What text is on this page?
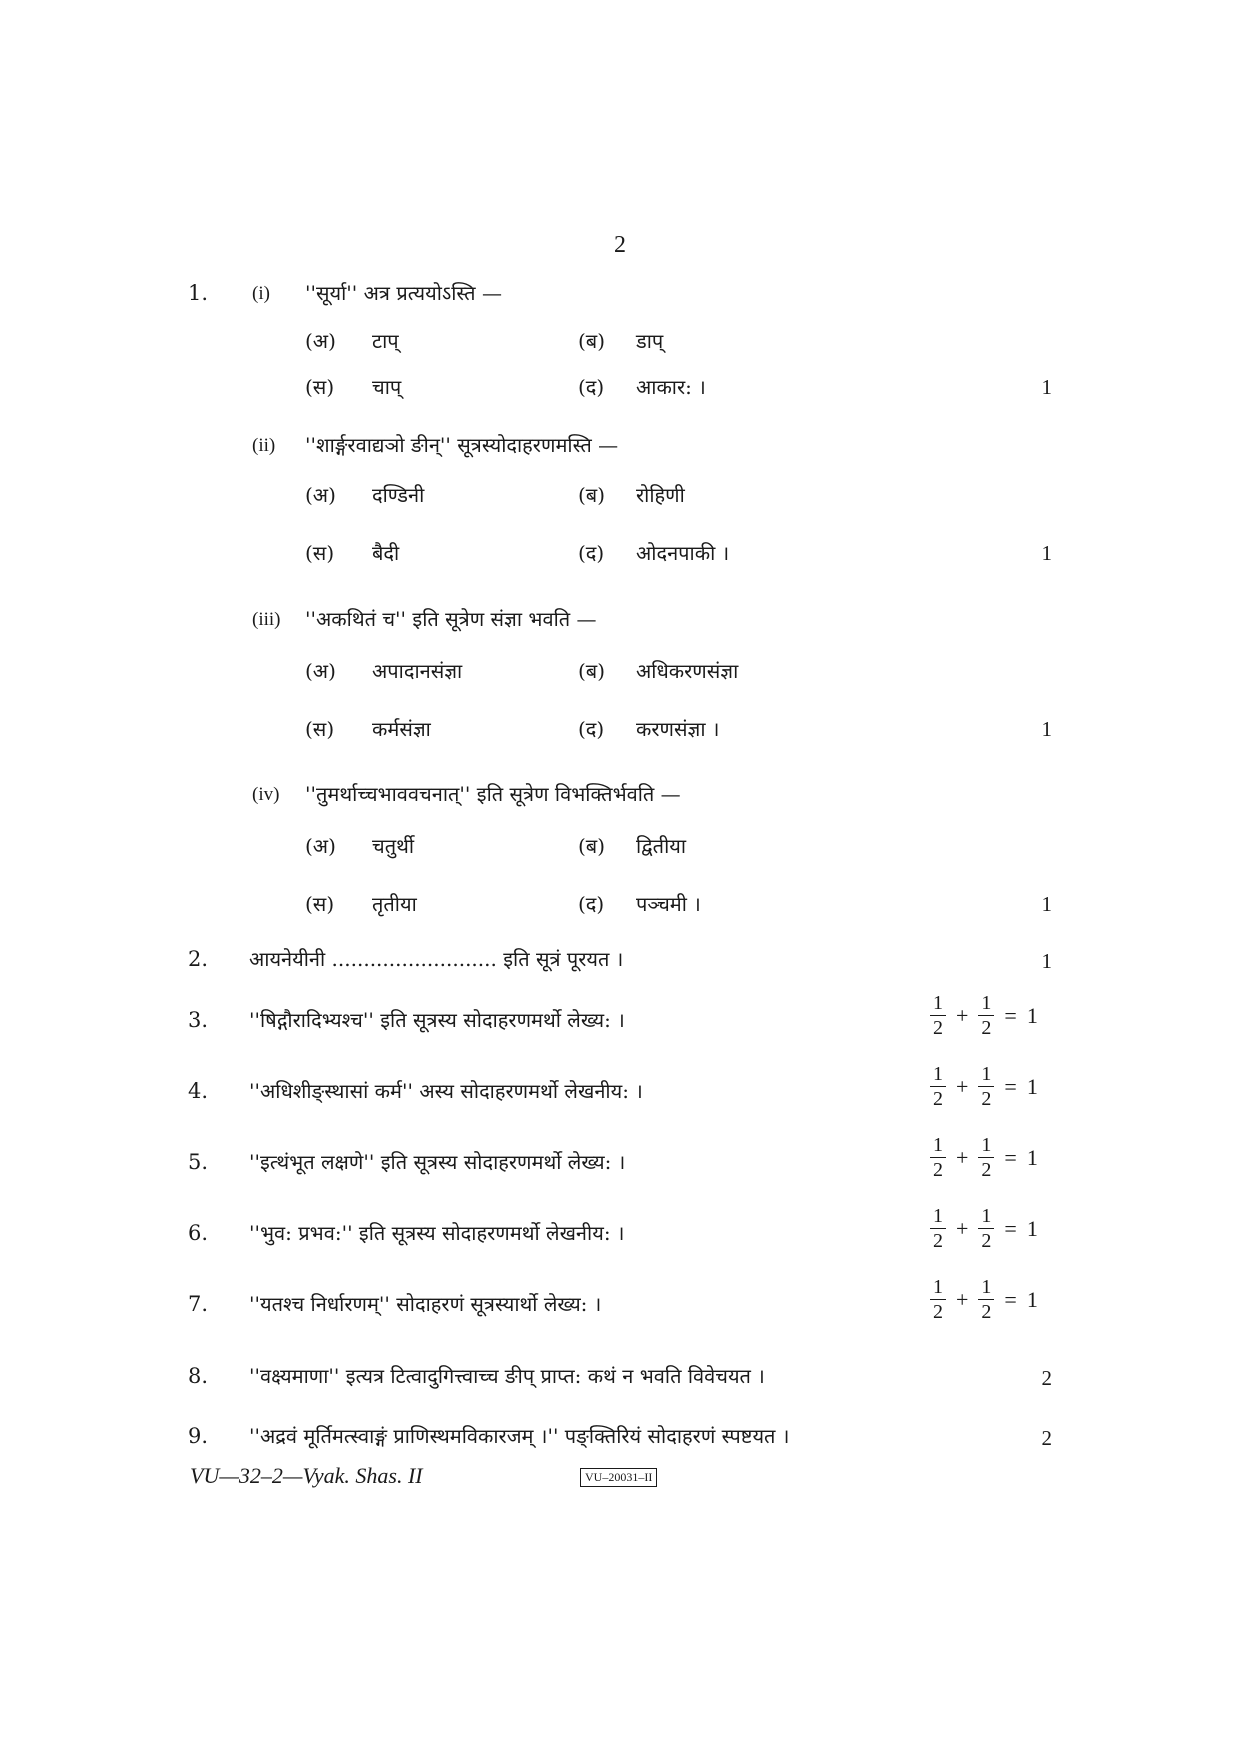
2
1. (i) ''सूर्या'' अत्र प्रत्ययोऽस्ति —
(अ) टाप्	(ब) डाप्
(स) चाप्	(द) आकार: ।	1
(ii) ''शार्ङ्गरवाद्यञो ङीन्'' सूत्रस्योदाहरणमस्ति —
(अ) दण्डिनी	(ब) रोहिणी
(स) बैदी	(द) ओदनपाकी ।	1
(iii) ''अकथितं च'' इति सूत्रेण संज्ञा भवति —
(अ) अपादानसंज्ञा	(ब) अधिकरणसंज्ञा
(स) कर्मसंज्ञा	(द) करणसंज्ञा ।	1
(iv) ''तुमर्थाच्चभाववचनात्'' इति सूत्रेण विभक्तिर्भवति —
(अ) चतुर्थी	(ब) द्वितीया
(स) तृतीया	(द) पञ्चमी ।	1
2. आयनेयीनी .......................... इति सूत्रं पूरयत ।	1
3. ''षिद्गौरादिभ्यश्च'' इति सूत्रस्य सोदाहरणमर्थो लेख्य: ।	$\frac{1}{2} + \frac{1}{2} = 1$
4. ''अधिशीङ्स्थासां कर्म'' अस्य सोदाहरणमर्थो लेखनीय: ।	$\frac{1}{2} + \frac{1}{2} = 1$
5. ''इत्थंभूत लक्षणे'' इति सूत्रस्य सोदाहरणमर्थो लेख्य: ।	$\frac{1}{2} + \frac{1}{2} = 1$
6. ''भुव: प्रभव:'' इति सूत्रस्य सोदाहरणमर्थो लेखनीय: ।	$\frac{1}{2} + \frac{1}{2} = 1$
7. ''यतश्च निर्धारणम्'' सोदाहरणं सूत्रस्यार्थो लेख्य: ।	$\frac{1}{2} + \frac{1}{2} = 1$
8. ''वक्ष्यमाणा'' इत्यत्र टित्वादुगित्त्वाच्च ङीप् प्राप्त: कथं न भवति विवेचयत ।	2
9. ''अद्रवं मूर्तिमत्स्वाङ्गं प्राणिस्थमविकारजम् ।'' पङ्क्तिरियं सोदाहरणं स्पष्टयत ।	2
VU—32–2—Vyak. Shas. II	VU–20031–II
